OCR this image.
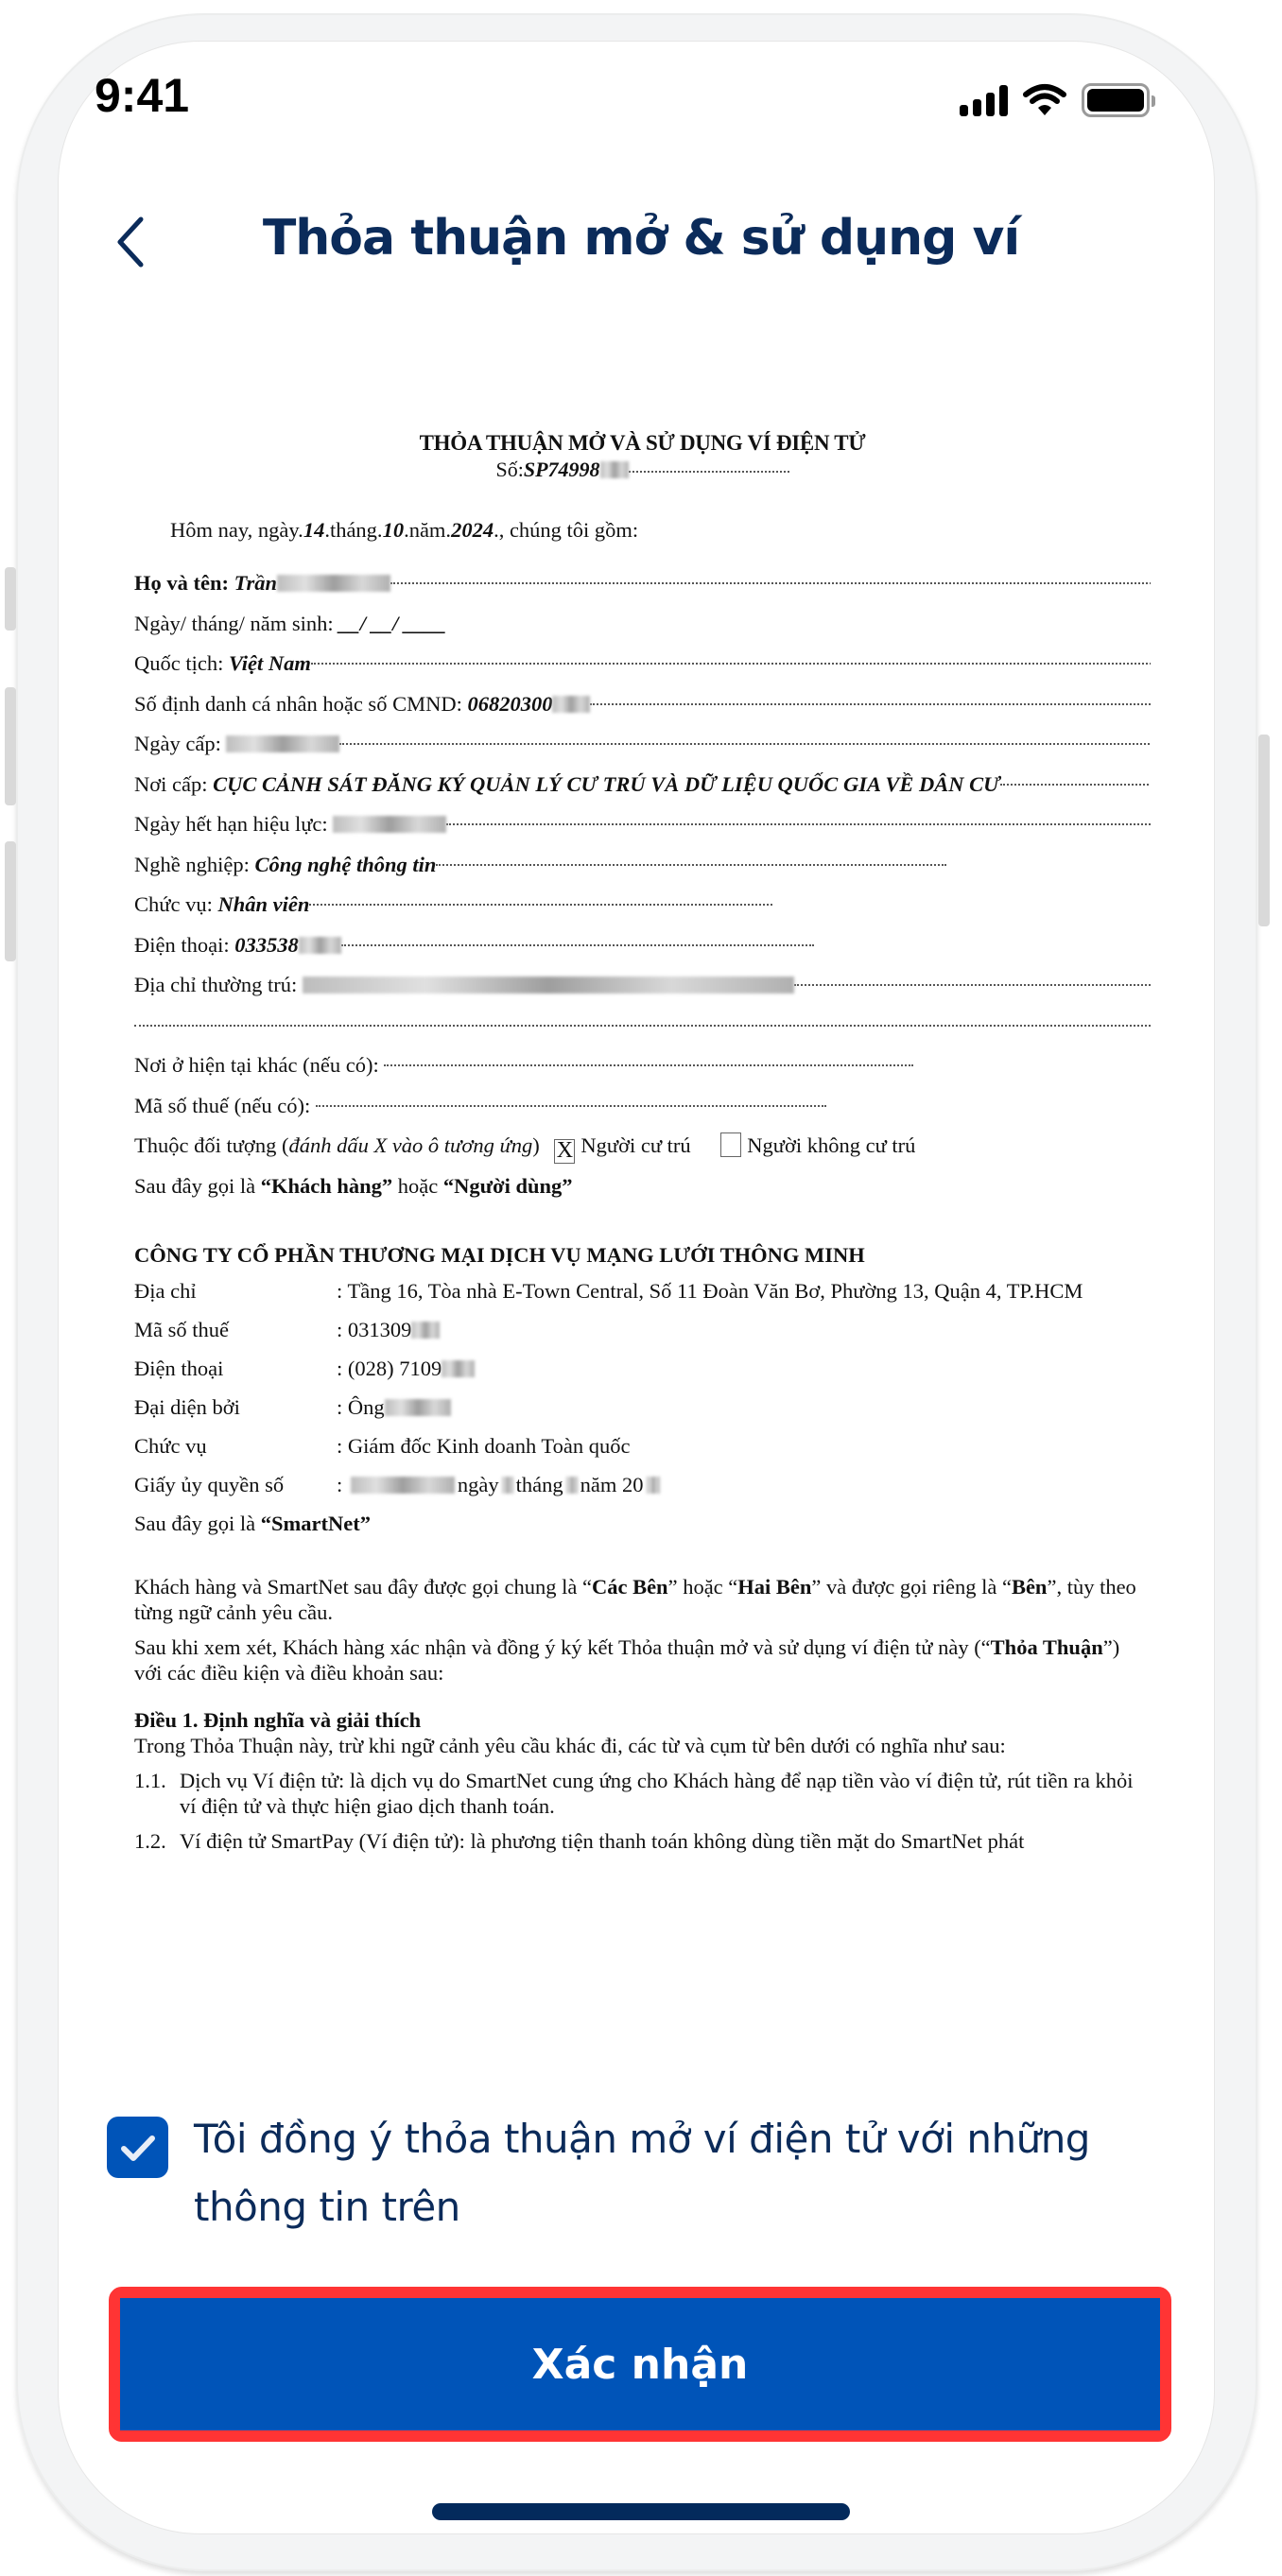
9:41
Thỏa thuận mở & sử dụng ví
THỎA THUẬN MỞ VÀ SỬ DỤNG VÍ ĐIỆN TỬ
Số:SP74998
Hôm nay, ngày.14.tháng.10.năm.2024., chúng tôi gồm:
Họ và tên: Trần
Ngày/ tháng/ năm sinh: __/ __/ ____
Quốc tịch: Việt Nam
Số định danh cá nhân hoặc số CMND: 06820300
Ngày cấp:
Nơi cấp: CỤC CẢNH SÁT ĐĂNG KÝ QUẢN LÝ CƯ TRÚ VÀ DỮ LIỆU QUỐC GIA VỀ DÂN CƯ
Ngày hết hạn hiệu lực:
Nghề nghiệp: Công nghệ thông tin
Chức vụ: Nhân viên
Điện thoại: 033538
Địa chỉ thường trú:
Nơi ở hiện tại khác (nếu có):
Mã số thuế (nếu có):
Thuộc đối tượng (đánh dấu X vào ô tương ứng) X Người cư trú	Người không cư trú
Sau đây gọi là “Khách hàng” hoặc “Người dùng”
CÔNG TY CỔ PHẦN THƯƠNG MẠI DỊCH VỤ MẠNG LƯỚI THÔNG MINH
Địa chỉ	: Tầng 16, Tòa nhà E-Town Central, Số 11 Đoàn Văn Bơ, Phường 13, Quận 4, TP.HCM
Mã số thuế	: 031309
Điện thoại	: (028) 7109
Đại diện bởi	: Ông
Chức vụ	: Giám đốc Kinh doanh Toàn quốc
Giấy ủy quyền số	:	ngày tháng năm 20
Sau đây gọi là “SmartNet”
Khách hàng và SmartNet sau đây được gọi chung là “Các Bên” hoặc “Hai Bên” và được gọi riêng là “Bên”, tùy theo từng ngữ cảnh yêu cầu.
Sau khi xem xét, Khách hàng xác nhận và đồng ý ký kết Thỏa thuận mở và sử dụng ví điện tử này (“Thỏa Thuận”) với các điều kiện và điều khoản sau:
Điều 1. Định nghĩa và giải thích
Trong Thỏa Thuận này, trừ khi ngữ cảnh yêu cầu khác đi, các từ và cụm từ bên dưới có nghĩa như sau:
1.1. Dịch vụ Ví điện tử: là dịch vụ do SmartNet cung ứng cho Khách hàng để nạp tiền vào ví điện tử, rút tiền ra khỏi ví điện tử và thực hiện giao dịch thanh toán.
1.2. Ví điện tử SmartPay (Ví điện tử): là phương tiện thanh toán không dùng tiền mặt do SmartNet phát
Tôi đồng ý thỏa thuận mở ví điện tử với những thông tin trên
Xác nhận
